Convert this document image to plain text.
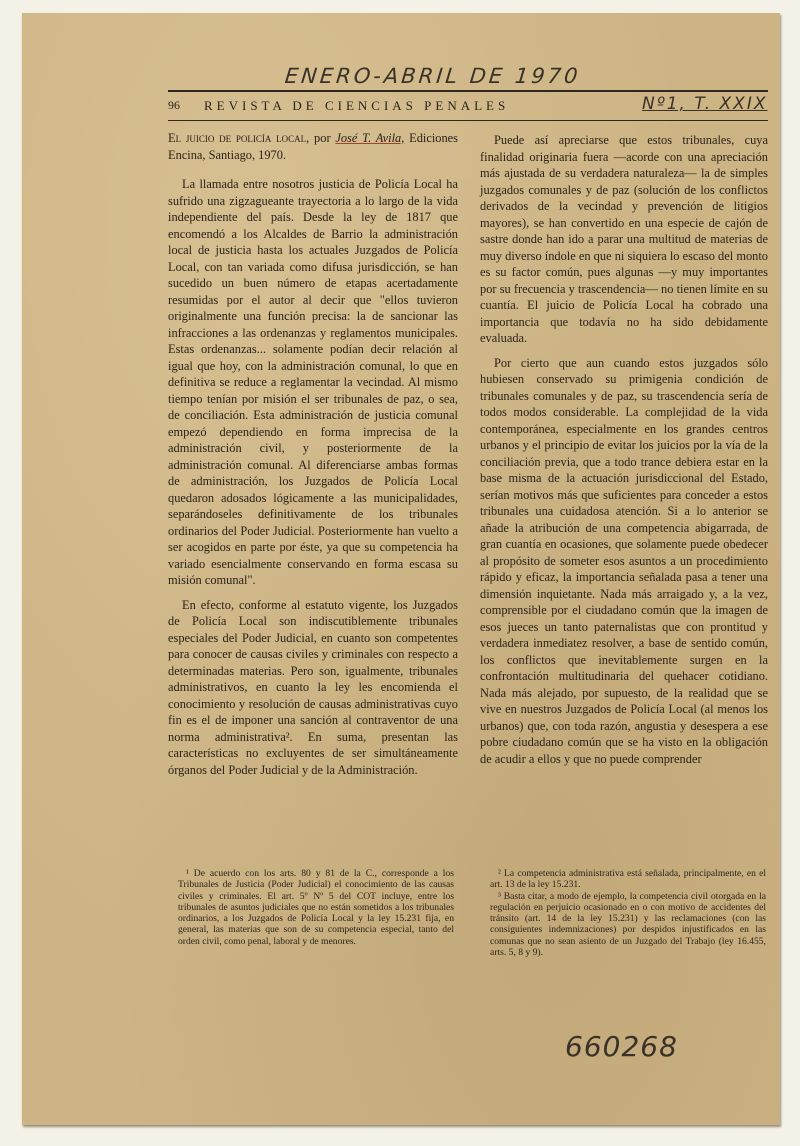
ENERO-ABRIL DE 1970
96 REVISTA DE CIENCIAS PENALES	Nº1, T. XXIX

El juicio de policía local, por José T. Avila, Ediciones Encina, Santiago, 1970.

La llamada entre nosotros justicia de Policía Local ha sufrido una zigzagueante trayectoria a lo largo de la vida independiente del país. Desde la ley de 1817 que encomendó a los Alcaldes de Barrio la administración local de justicia hasta los actuales Juzgados de Policía Local, con tan variada como difusa jurisdicción, se han sucedido un buen número de etapas acertadamente resumidas por el autor al decir que "ellos tuvieron originalmente una función precisa: la de sancionar las infracciones a las ordenanzas y reglamentos municipales. Estas ordenanzas... solamente podían decir relación al igual que hoy, con la administración comunal, lo que en definitiva se reduce a reglamentar la vecindad. Al mismo tiempo tenían por misión el ser tribunales de paz, o sea, de conciliación. Esta administración de justicia comunal empezó dependiendo en forma imprecisa de la administración civil, y posteriormente de la administración comunal. Al diferenciarse ambas formas de administración, los Juzgados de Policía Local quedaron adosados lógicamente a las municipalidades, separándoseles definitivamente de los tribunales ordinarios del Poder Judicial. Posteriormente han vuelto a ser acogidos en parte por éste, ya que su competencia ha variado esencialmente conservando en forma escasa su misión comunal".

En efecto, conforme al estatuto vigente, los Juzgados de Policía Local son indiscutiblemente tribunales especiales del Poder Judicial, en cuanto son competentes para conocer de causas civiles y criminales con respecto a determinadas materias. Pero son, igualmente, tribunales administrativos, en cuanto la ley les encomienda el conocimiento y resolución de causas administrativas cuyo fin es el de imponer una sanción al contraventor de una norma administrativa². En suma, presentan las características no excluyentes de ser simultáneamente órganos del Poder Judicial y de la Administración.

Puede así apreciarse que estos tribunales, cuya finalidad originaria fuera —acorde con una apreciación más ajustada de su verdadera naturaleza— la de simples juzgados comunales y de paz (solución de los conflictos derivados de la vecindad y prevención de litigios mayores), se han convertido en una especie de cajón de sastre donde han ido a parar una multitud de materias de muy diverso índole en que ni siquiera lo escaso del monto es su factor común, pues algunas —y muy importantes por su frecuencia y trascendencia— no tienen límite en su cuantía. El juicio de Policía Local ha cobrado una importancia que todavía no ha sido debidamente evaluada.

Por cierto que aun cuando estos juzgados sólo hubiesen conservado su primigenia condición de tribunales comunales y de paz, su trascendencia sería de todos modos considerable. La complejidad de la vida contemporánea, especialmente en los grandes centros urbanos y el principio de evitar los juicios por la vía de la conciliación previa, que a todo trance debiera estar en la base misma de la actuación jurisdiccional del Estado, serían motivos más que suficientes para conceder a estos tribunales una cuidadosa atención. Si a lo anterior se añade la atribución de una competencia abigarrada, de gran cuantía en ocasiones, que solamente puede obedecer al propósito de someter esos asuntos a un procedimiento rápido y eficaz, la importancia señalada pasa a tener una dimensión inquietante. Nada más arraigado y, a la vez, comprensible por el ciudadano común que la imagen de esos jueces un tanto paternalistas que con prontitud y verdadera inmediatez resolver, a base de sentido común, los conflictos que inevitablemente surgen en la confrontación multitudinaria del quehacer cotidiano. Nada más alejado, por supuesto, de la realidad que se vive en nuestros Juzgados de Policía Local (al menos los urbanos) que, con toda razón, angustia y desespera a ese pobre ciudadano común que se ha visto en la obligación de acudir a ellos y que no puede comprender

¹ De acuerdo con los arts. 80 y 81 de la C., corresponde a los Tribunales de Justicia (Poder Judicial) el conocimiento de las causas civiles y criminales. El art. 5º Nº 5 del COT incluye, entre los tribunales de asuntos judiciales que no están sometidos a los tribunales ordinarios, a los Juzgados de Policía Local y la ley 15.231 fija, en general, las materias que son de su competencia especial, tanto del orden civil, como penal, laboral y de menores.

² La competencia administrativa está señalada, principalmente, en el art. 13 de la ley 15.231.

³ Basta citar, a modo de ejemplo, la competencia civil otorgada en la regulación en perjuicio ocasionado en o con motivo de accidentes del tránsito (art. 14 de la ley 15.231) y las reclamaciones (con las consiguientes indemnizaciones) por despidos injustificados en las comunas que no sean asiento de un Juzgado del Trabajo (ley 16.455, arts. 5, 8 y 9).

660268
